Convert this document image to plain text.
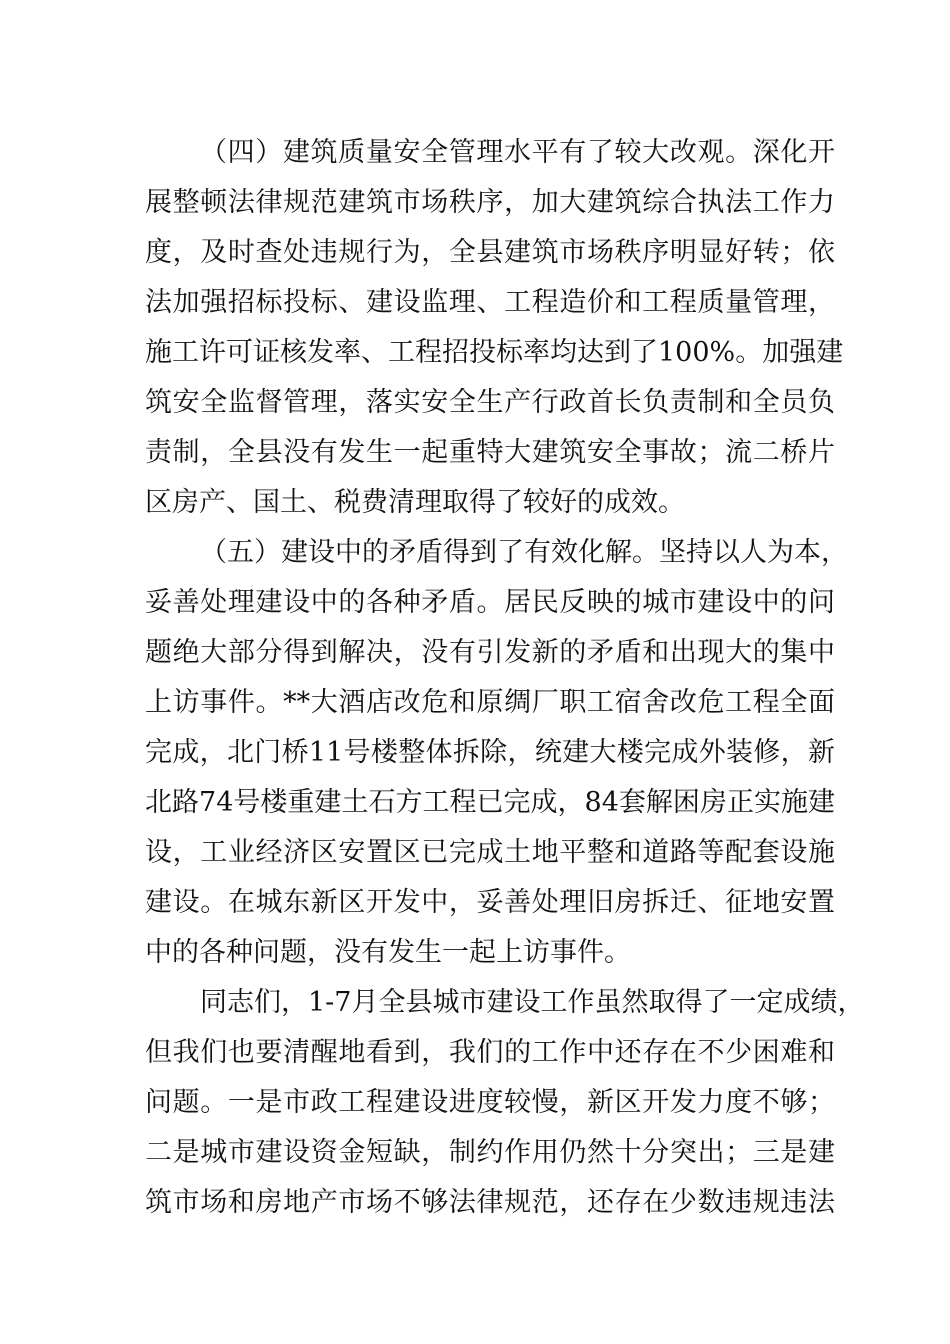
（四）建筑质量安全管理水平有了较大改观。深化开
展整顿法律规范建筑市场秩序，加大建筑综合执法工作力
度，及时查处违规行为，全县建筑市场秩序明显好转；依
法加强招标投标、建设监理、工程造价和工程质量管理，
施工许可证核发率、工程招投标率均达到了100%。加强建
筑安全监督管理，落实安全生产行政首长负责制和全员负
责制，全县没有发生一起重特大建筑安全事故；流二桥片
区房产、国土、税费清理取得了较好的成效。
（五）建设中的矛盾得到了有效化解。坚持以人为本，
妥善处理建设中的各种矛盾。居民反映的城市建设中的问
题绝大部分得到解决，没有引发新的矛盾和出现大的集中
上访事件。**大酒店改危和原绸厂职工宿舍改危工程全面
完成，北门桥11号楼整体拆除，统建大楼完成外装修，新
北路74号楼重建土石方工程已完成，84套解困房正实施建
设，工业经济区安置区已完成土地平整和道路等配套设施
建设。在城东新区开发中，妥善处理旧房拆迁、征地安置
中的各种问题，没有发生一起上访事件。
同志们，1-7月全县城市建设工作虽然取得了一定成绩，
但我们也要清醒地看到，我们的工作中还存在不少困难和
问题。一是市政工程建设进度较慢，新区开发力度不够；
二是城市建设资金短缺，制约作用仍然十分突出；三是建
筑市场和房地产市场不够法律规范，还存在少数违规违法
